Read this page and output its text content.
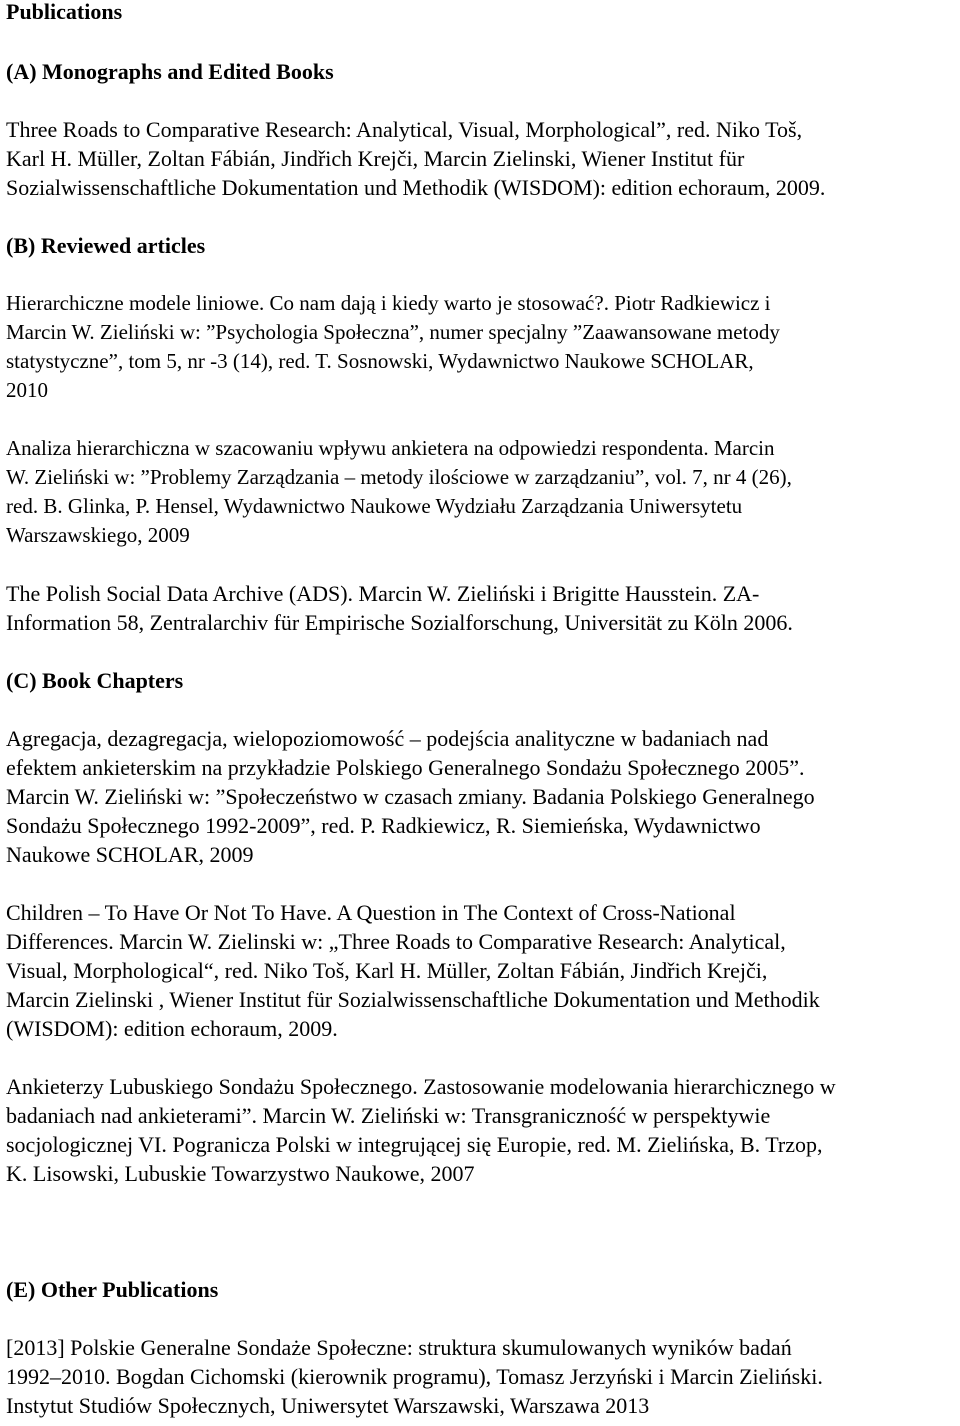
Publications
(A) Monographs and Edited Books

Three Roads to Comparative Research: Analytical, Visual, Morphological”, red. Niko Toš,
Karl H. Müller, Zoltan Fábián, Jindřich Krejči, Marcin Zielinski, Wiener Institut für
Sozialwissenschaftliche Dokumentation und Methodik (WISDOM): edition echoraum, 2009.

(B) Reviewed articles

Hierarchiczne modele liniowe. Co nam dają i kiedy warto je stosować?. Piotr Radkiewicz i
Marcin W. Zieliński w: ”Psychologia Społeczna”, numer specjalny ”Zaawansowane metody
statystyczne”, tom 5, nr -3 (14), red. T. Sosnowski, Wydawnictwo Naukowe SCHOLAR,
2010

Analiza hierarchiczna w szacowaniu wpływu ankietera na odpowiedzi respondenta. Marcin
W. Zieliński w: ”Problemy Zarządzania – metody ilościowe w zarządzaniu”, vol. 7, nr 4 (26),
red. B. Glinka, P. Hensel, Wydawnictwo Naukowe Wydziału Zarządzania Uniwersytetu
Warszawskiego, 2009

The Polish Social Data Archive (ADS). Marcin W. Zieliński i Brigitte Hausstein. ZA-
Information 58, Zentralarchiv für Empirische Sozialforschung, Universität zu Köln 2006.

(C) Book Chapters

Agregacja, dezagregacja, wielopoziomowość – podejścia analityczne w badaniach nad
efektem ankieterskim na przykładzie Polskiego Generalnego Sondażu Społecznego 2005”.
Marcin W. Zieliński w: ”Społeczeństwo w czasach zmiany. Badania Polskiego Generalnego
Sondażu Społecznego 1992-2009”, red. P. Radkiewicz, R. Siemieńska, Wydawnictwo
Naukowe SCHOLAR, 2009

Children – To Have Or Not To Have. A Question in The Context of Cross-National
Differences. Marcin W. Zielinski w: „Three Roads to Comparative Research: Analytical,
Visual, Morphological“, red. Niko Toš, Karl H. Müller, Zoltan Fábián, Jindřich Krejči,
Marcin Zielinski , Wiener Institut für Sozialwissenschaftliche Dokumentation und Methodik
(WISDOM): edition echoraum, 2009.

Ankieterzy Lubuskiego Sondażu Społecznego. Zastosowanie modelowania hierarchicznego w
badaniach nad ankieterami”. Marcin W. Zieliński w: Transgraniczność w perspektywie
socjologicznej VI. Pogranicza Polski w integrującej się Europie, red. M. Zielińska, B. Trzop,
K. Lisowski, Lubuskie Towarzystwo Naukowe, 2007

(E) Other Publications

[2013] Polskie Generalne Sondaże Społeczne: struktura skumulowanych wyników badań
1992–2010. Bogdan Cichomski (kierownik programu), Tomasz Jerzyński i Marcin Zieliński.
Instytut Studiów Społecznych, Uniwersytet Warszawski, Warszawa 2013
